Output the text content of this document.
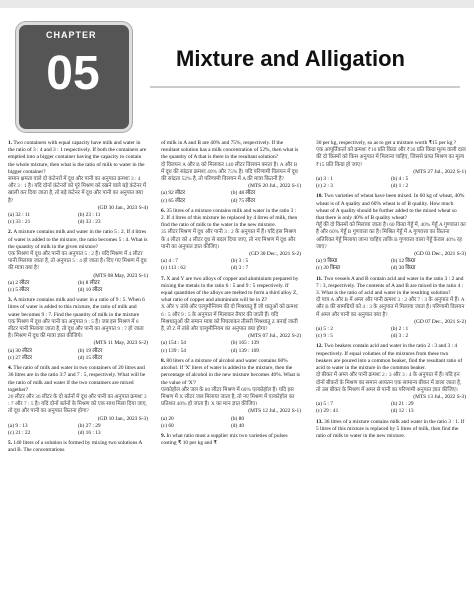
CHAPTER
05	Mixture and Alligation
1. Two containers with equal capacity have milk and water in the ratio of 3 : 4 and 3 : 1 respectively. If both the containers are emptied into a bigger container having the capacity to contain the whole mixture, then what is the ratio of milk to water in the bigger container?
समान क्षमता वाले दो कंटेनरों में दूध और पानी का अनुपात क्रमशः 3 : 4 और 3 : 1 है। यदि दोनों कंटेनरों को पूरे मिश्रण को रखने वाले बड़े कंटेनर में खाली कर दिया जाता है, तो बड़े कंटेनर में दूध और पानी का अनुपात क्या है?
(GD 30 Jan., 2023 S-4)
(a) 32 : 11	(b) 23 : 11
(c) 33 : 21	(d) 33 : 23
2. A mixture contains milk and water in the ratio 5 : 2. If 4 litres of water is added to the mixture, the ratio becomes 5 : 4. What is the quantity of milk in the given mixture?
एक मिश्रण में दूध और पानी का अनुपात 5 : 2 है। यदि मिश्रण में 4 लीटर पानी मिलाया जाता है, तो अनुपात 5 : 4 हो जाता है। दिए गए मिश्रण में दूध की मात्रा क्या है?
(MTS 08 May, 2023 S-1)
(a) 2 लीटर	(b) 8 लीटर
(c) 5 लीटर	(d) 10 लीटर
3. A mixture contains milk and water in a ratio of 9 : 5. When 6 litres of water is added to this mixture, the ratio of milk and water becomes 9 : 7. Find the quantity of milk in the mixture
एक मिश्रण में दूध और पानी का अनुपात 9 : 5 है। जब इस मिश्रण में 6 लीटर पानी मिलाया जाता है, तो दूध और पानी का अनुपात 9 : 7 हो जाता है। मिश्रण में दूध की मात्रा ज्ञात कीजिये।
(MTS 11 May, 2023 S-2)
(a) 30 लीटर	(b) 19 लीटर
(c) 27 लीटर	(d) 15 लीटर
4. The ratio of milk and water in two containers of 20 litres and 36 litres are in the ratio 3:7 and 7 : 5, respectively. What will be the ratio of milk and water if the two containers are mixed together?
20 लीटर और 36 लीटर के दो बर्तनों में दूध और पानी का अनुपात क्रमशः 3 : 7 और 7 : 5 है। यदि दोनों बर्तनों के मिश्रण को एक साथ मिला दिया जाए, तो दूध और पानी का अनुपात कितना होगा?
(GD 10 Jan., 2023 S-3)
(a) 9 : 13	(b) 27 : 29
(c) 21 : 22	(d) 16 : 13
5. 140 liters of a solution is formed by mixing two solutions A and B. The concentrations
of milk in A and B are 40% and 75%, respectively. If the resultant solution has a milk concentration of 52%, then what is the quantity of A that is there in the resultant solution?
दो विलयन A और B को मिलाकर 140 लीटर विलयन बनता है। A और B में दूध की सांद्रता क्रमशः 40% और 75% है। यदि परिणामी विलयन में दूध की सांद्रता 52% है, तो परिणामी विलयन में A की मात्रा कितनी है?
(MTS 20 Jul., 2022 S-1)
(a) 92 लीटर	(b) 48 लीटर
(c) 65 लीटर	(d) 75 लीटर
6. 35 litres of a mixture contains milk and water in the ratio 3 : 2. If 4 litres of this mixture be replaced by 4 litres of milk, then find the ratio of milk to the water in the new mixture.
35 लीटर मिश्रण में दूध और पानी 3 : 2 के अनुपात में हैं। यदि इस मिश्रण के 4 लीटर को 4 लीटर दूध से बदल दिया जाए, तो नए मिश्रण में दूध और पानी का अनुपात ज्ञात कीजिए।
(GD 30 Dec., 2021 S-2)
(a) 4 : 7	(b) 3 : 5
(c) 113 : 62	(d) 3 : 7
7. X and Y are two alloys of copper and aluminium prepared by mixing the metals in the ratio 6 : 5 and 9 : 5 respectively. If equal quantities of the alloys are melted to form a third alloy Z, what ratio of copper and aluminium will be in Z?
X और Y तांबे और एल्युमीनियम की दो मिश्रधातु हैं जो धातुओं को क्रमशः 6 : 5 और 9 : 5 के अनुपात में मिलाकर तैयार की जाती हैं। यदि मिश्रधातुओं की समान मात्रा को पिघलाकर तीसरी मिश्रधातु Z बनाई जाती है, तो Z में तांबे और एल्युमीनियम का अनुपात क्या होगा?
(MTS 07 Jul., 2022 S-2)
(a) 154 : 54	(b) 165 : 139
(c) 139 : 54	(d) 139 : 169
8. 80 liters of a mixture of alcohol and water contains 60% alcohol. If 'X' liters of water is added to the mixture, then the percentage of alcohol in the new mixture becomes 40%. What is the value of 'X'?
एल्कोहॉल और जल के 80 लीटर मिश्रण में 60% एल्कोहॉल है। यदि इस मिश्रण में X लीटर जल मिलाया जाता है, तो नए मिश्रण में एल्कोहॉल का प्रतिशत 40% हो जाता है। X का मान ज्ञात कीजिए।
(MTS 12 Jul., 2022 S-1)
(a) 20	(b) 80
(c) 60	(d) 40
9. In what ratio must a supplier mix two varieties of pulses costing ₹ 10 per kg and ₹
30 per kg, respectively, so as to get a mixture worth ₹15 per kg ?
एक आपूर्तिकर्ता को क्रमशः ₹10 प्रति किग्रा और ₹30 प्रति किग्रा मूल्य वाली दाल की दो किस्मों को किस अनुपात में मिलाना चाहिए, जिससे प्राप्त मिश्रण का मूल्य ₹15 प्रति किग्रा हो जाए?
(MTS 27 Jul., 2022 S-1)
(a) 3 : 1	(b) 4 : 5
(c) 2 : 3	(d) 1 : 2
10. Two varieties of wheat have been mixed. In 60 kg of wheat, 40% wheat is of A quality and 60% wheat is of B quality. How much wheat of A quality should be further added to the mixed wheat so that there is only 40% of B quality wheat?
गेहूँ की दो किस्मों को मिलाया जाता है। 60 किग्रा गेहूँ में, 40% गेहूँ A गुणवत्ता का है और 60% गेहूँ B गुणवत्ता का है। मिश्रित गेहूँ में A गुणवत्ता का कितना अतिरिक्त गेहूँ मिलाया जाना चाहिए ताकि B गुणवत्ता वाला गेहूँ केवल 40% रह जाए?
(GD 03 Dec., 2021 S-3)
(a) 9 किग्रा	(b) 12 किग्रा
(c) 20 किग्रा	(d) 30 किग्रा
11. Two vessels A and B contain acid and water in the ratio 3 : 2 and 7 : 3, respectively. The contents of A and B are mixed in the ratio 4 : 3. What is the ratio of acid and water in the resulting solution?
दो पात्र A और B में अम्ल और पानी क्रमशः 3 : 2 और 7 : 3 के अनुपात में हैं। A और B की सामग्रियों को 4 : 3 के अनुपात में मिलाया जाता है। परिणामी विलयन में अम्ल और पानी का अनुपात क्या है?
(GD 07 Dec., 2021 S-2)
(a) 5 : 2	(b) 2 : 1
(c) 9 : 5	(d) 3 : 2
12. Two beakers contain acid and water in the ratio 2 : 3 and 3 : 4 respectively. If equal volumes of the mixtures from these two beakers are poured into a common beaker, find the resultant ratio of acid to water in the mixture in the common beaker.
दो बीकर में अम्ल और पानी क्रमशः 2 : 3 और 3 : 4 के अनुपात में हैं। यदि इन दोनों बीकरों के मिश्रण का समान आयतन एक सामान्य बीकर में डाला जाता है, तो उस बीकर के मिश्रण में अम्ल से पानी का परिणामी अनुपात ज्ञात कीजिए।
(MTS 13 Jul., 2022 S-3)
(a) 5 : 7	(b) 21 : 29
(c) 29 : 41	(d) 12 : 13
13. 36 litres of a mixture contains milk and water in the ratio 3 : 1. If 5 litres of this mixture is replaced by 5 litres of milk, then find the ratio of milk to water in the new mixture.
